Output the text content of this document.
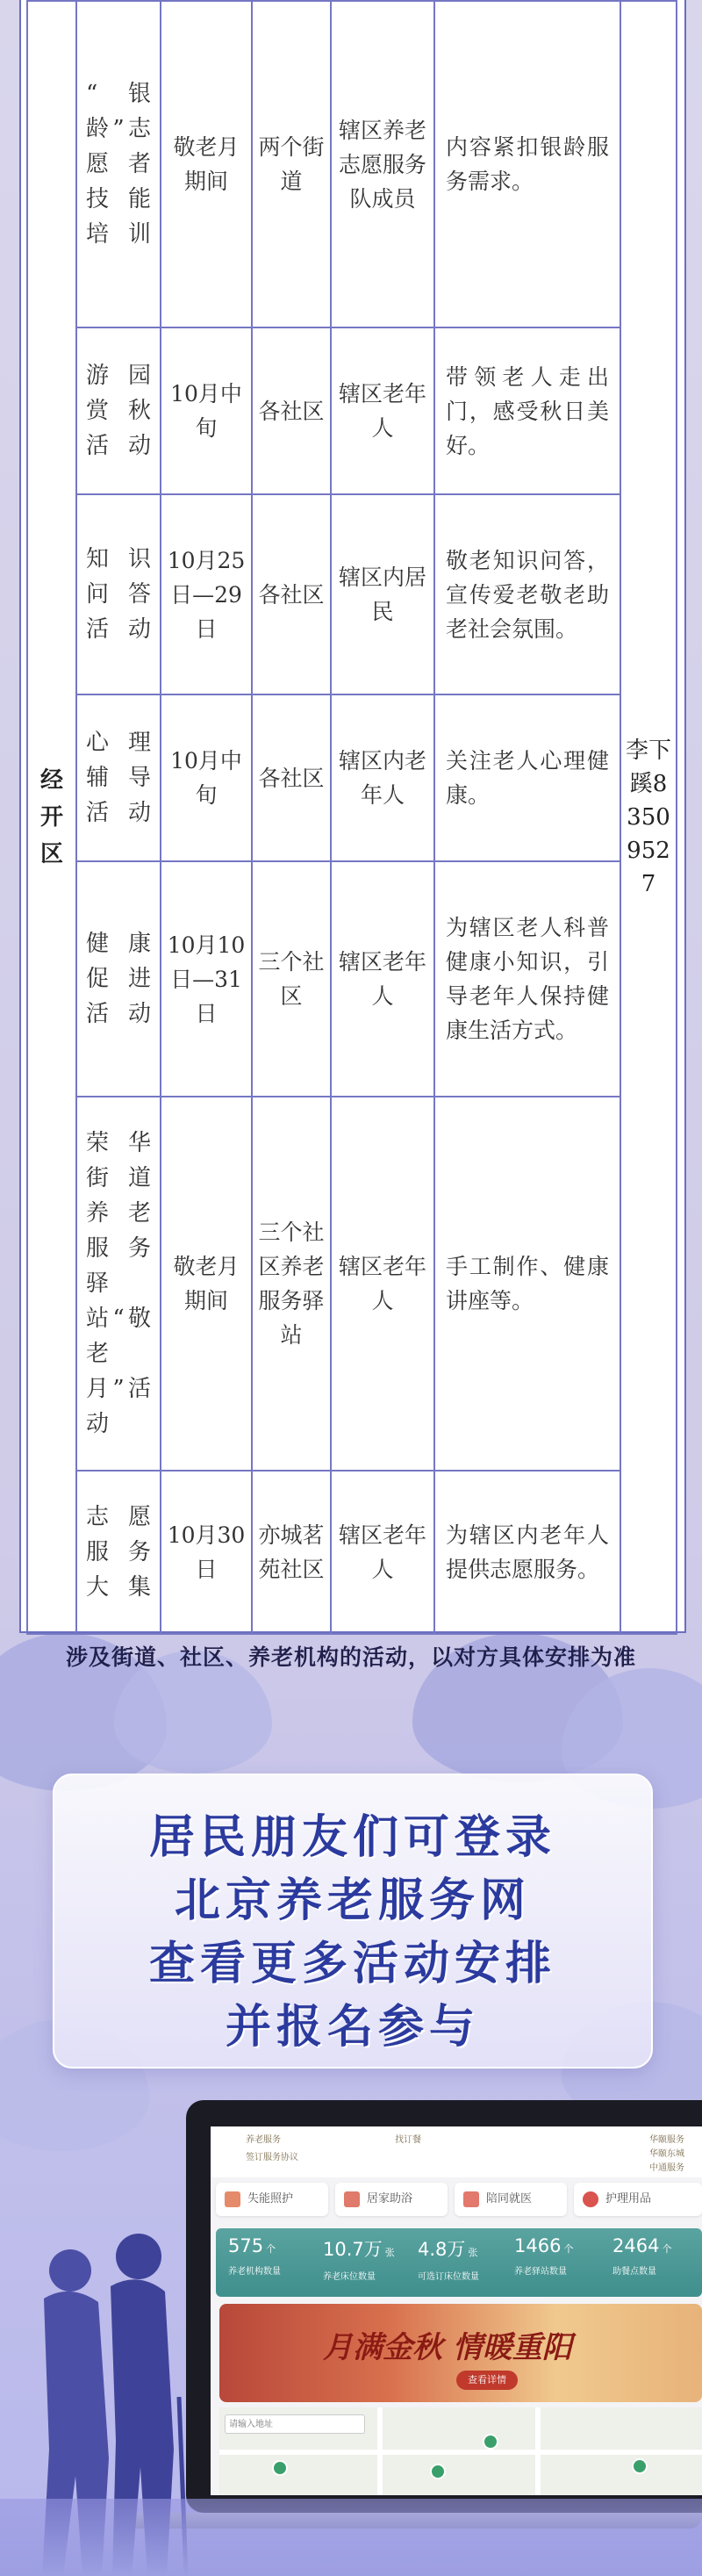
经开区	“银龄”志愿者技能培训	敬老月期间	两个街道	辖区养老志愿服务队成员	内容紧扣银龄服务需求。	李下蹊83509527
	游园赏秋活动	10月中旬	各社区	辖区老年人	带领老人走出门，感受秋日美好。	
	知识问答活动	10月25日—29日	各社区	辖区内居民	敬老知识问答，宣传爱老敬老助老社会氛围。	
	心理辅导活动	10月中旬	各社区	辖区内老年人	关注老人心理健康。	
	健康促进活动	10月10日—31日	三个社区	辖区老年人	为辖区老人科普健康小知识，引导老年人保持健康生活方式。	
	荣华街道养老服务驿站“敬老月”活动	敬老月期间	三个社区养老服务驿站	辖区老年人	手工制作、健康讲座等。	
	志愿服务大集	10月30日	亦城茗苑社区	辖区老年人	为辖区内老年人提供志愿服务。	
涉及街道、社区、养老机构的活动，以对方具体安排为准
居民朋友们可登录
北京养老服务网
查看更多活动安排
并报名参与
养老服务
签订服务协议
找订餐	华颐服务
华颐东城
中通服务
失能照护	居家助浴	陪同就医	护理用品
575 个
养老机构数量
10.7万 张
养老床位数量
4.8万 张
可选订床位数量
1466 个
养老驿站数量
2464 个
助餐点数量
月满金秋 情暖重阳
查看详情
请输入地址
